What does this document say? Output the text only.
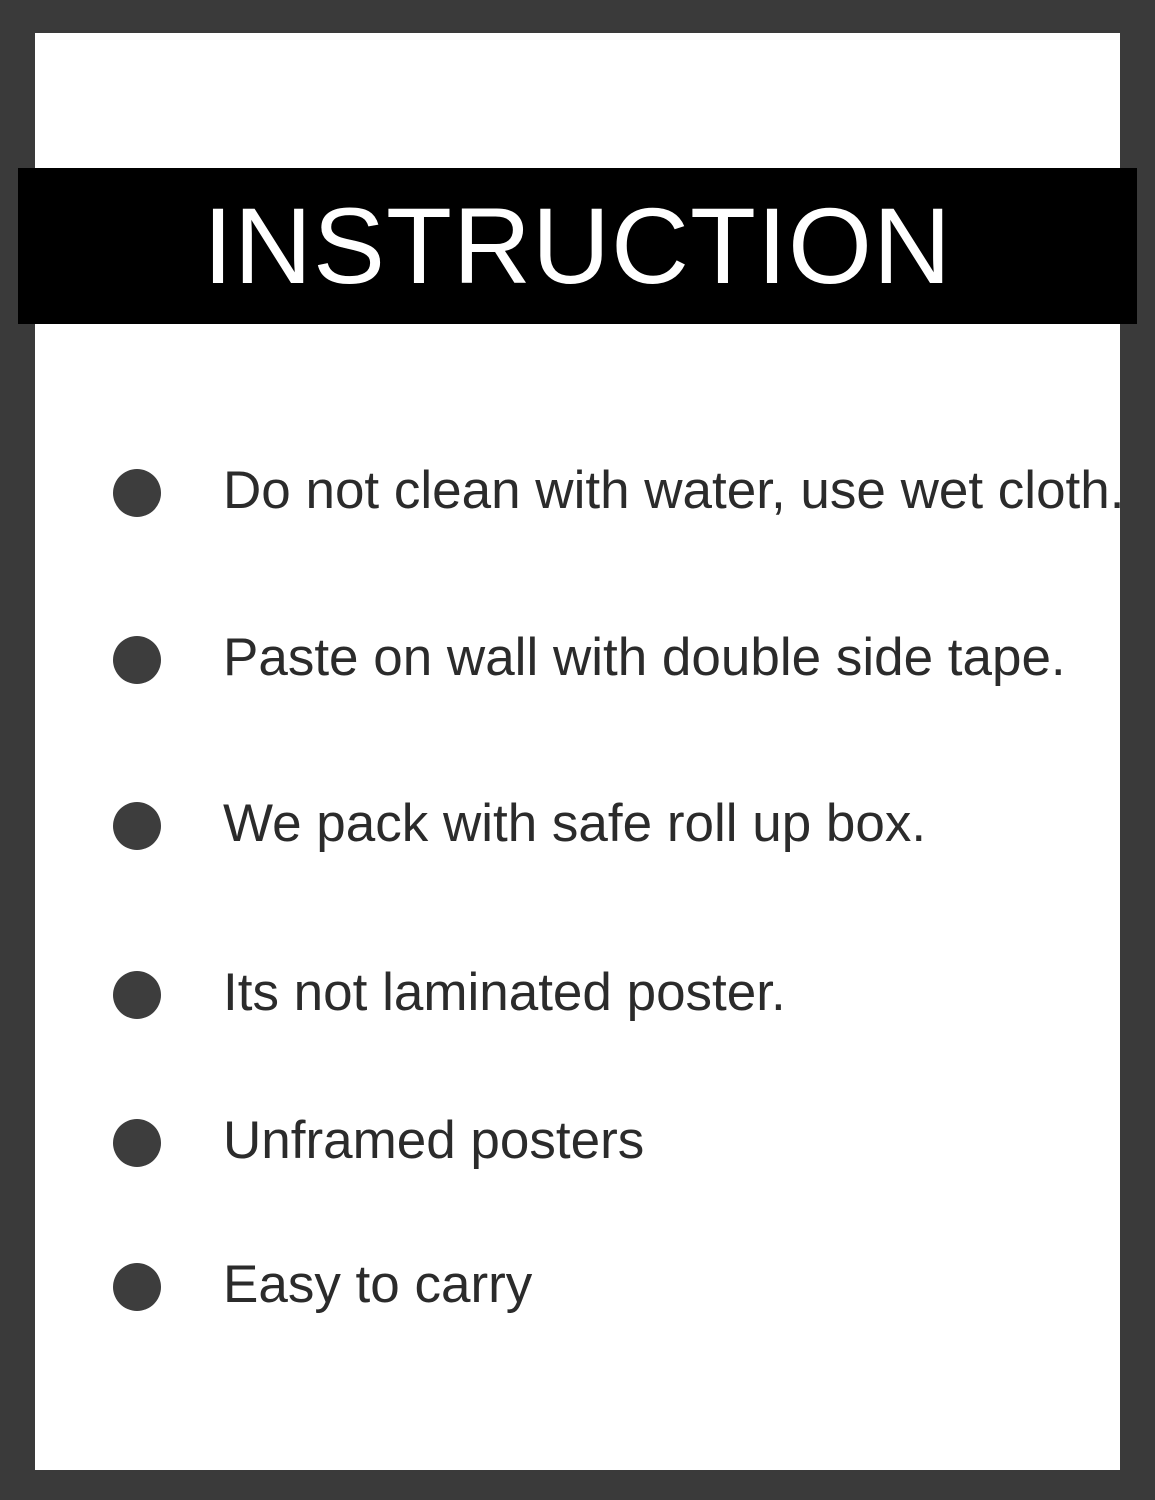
Do not clean with water, use wet cloth.
Paste on wall with double side tape.
We pack with safe roll up box.
Its not laminated poster.
Unframed posters
Easy to carry
INSTRUCTION
